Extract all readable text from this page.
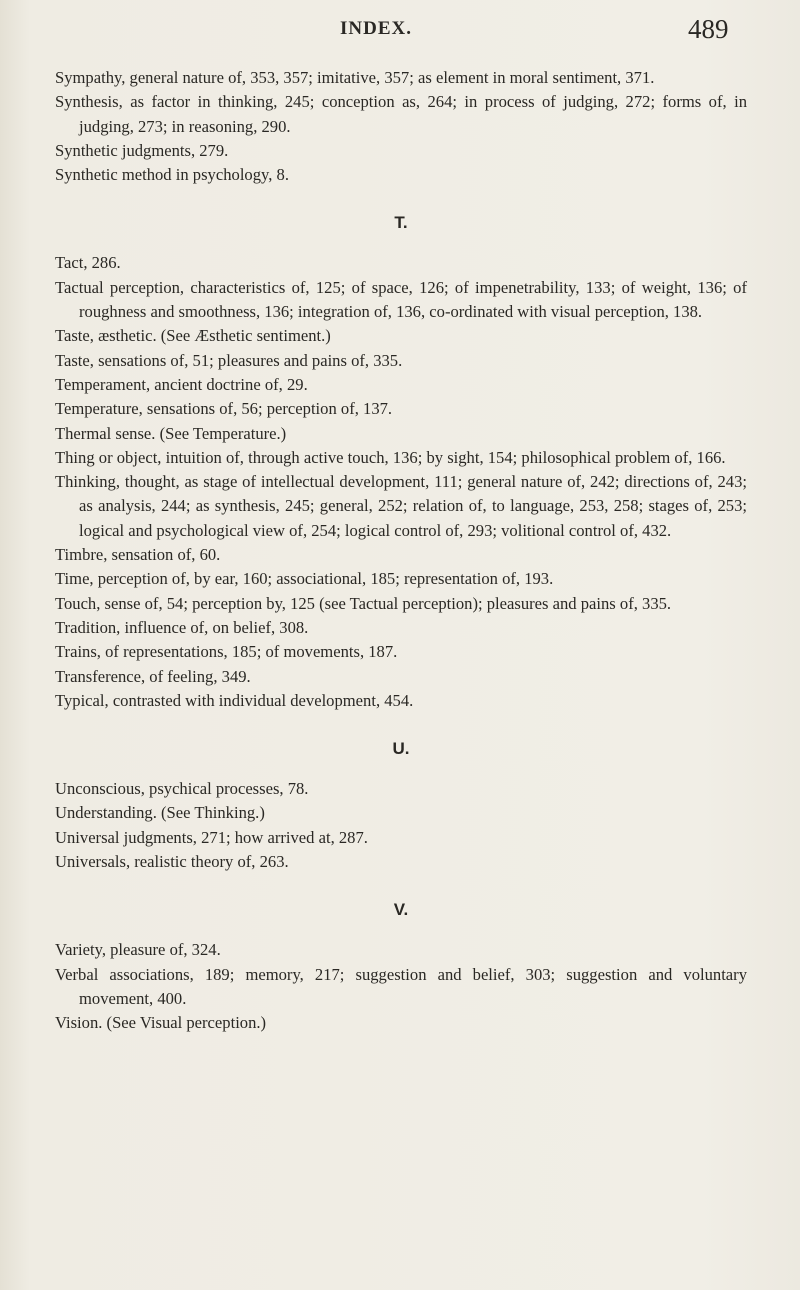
INDEX.	489
Sympathy, general nature of, 353, 357; imitative, 357; as element in moral sentiment, 371.
Synthesis, as factor in thinking, 245; conception as, 264; in process of judging, 272; forms of, in judging, 273; in reasoning, 290.
Synthetic judgments, 279.
Synthetic method in psychology, 8.
T.
Tact, 286.
Tactual perception, characteristics of, 125; of space, 126; of impenetrability, 133; of weight, 136; of roughness and smoothness, 136; integration of, 136, co-ordinated with visual perception, 138.
Taste, æsthetic. (See Æsthetic sentiment.)
Taste, sensations of, 51; pleasures and pains of, 335.
Temperament, ancient doctrine of, 29.
Temperature, sensations of, 56; perception of, 137.
Thermal sense. (See Temperature.)
Thing or object, intuition of, through active touch, 136; by sight, 154; philosophical problem of, 166.
Thinking, thought, as stage of intellectual development, 111; general nature of, 242; directions of, 243; as analysis, 244; as synthesis, 245; general, 252; relation of, to language, 253, 258; stages of, 253; logical and psychological view of, 254; logical control of, 293; volitional control of, 432.
Timbre, sensation of, 60.
Time, perception of, by ear, 160; associational, 185; representation of, 193.
Touch, sense of, 54; perception by, 125 (see Tactual perception); pleasures and pains of, 335.
Tradition, influence of, on belief, 308.
Trains, of representations, 185; of movements, 187.
Transference, of feeling, 349.
Typical, contrasted with individual development, 454.
U.
Unconscious, psychical processes, 78.
Understanding. (See Thinking.)
Universal judgments, 271; how arrived at, 287.
Universals, realistic theory of, 263.
V.
Variety, pleasure of, 324.
Verbal associations, 189; memory, 217; suggestion and belief, 303; suggestion and voluntary movement, 400.
Vision. (See Visual perception.)
